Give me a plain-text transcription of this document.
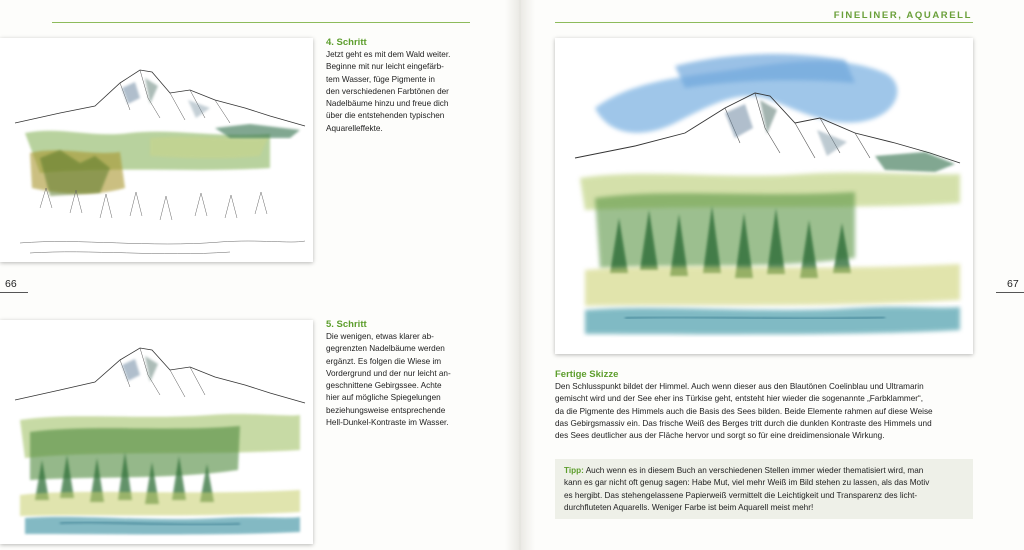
FINELINER, AQUARELL
66	67
4. Schritt
Jetzt geht es mit dem Wald weiter.
Beginne mit nur leicht eingefärb-
tem Wasser, füge Pigmente in
den verschiedenen Farbtönen der
Nadelbäume hinzu und freue dich
über die entstehenden typischen
Aquarelleffekte.
5. Schritt
Die wenigen, etwas klarer ab-
gegrenzten Nadelbäume werden
ergänzt. Es folgen die Wiese im
Vordergrund und der nur leicht an-
geschnittene Gebirgssee. Achte
hier auf mögliche Spiegelungen
beziehungsweise entsprechende
Hell-Dunkel-Kontraste im Wasser.
Fertige Skizze
Den Schlusspunkt bildet der Himmel. Auch wenn dieser aus den Blautönen Coelinblau und Ultramarin
gemischt wird und der See eher ins Türkise geht, entsteht hier wieder die sogenannte „Farbklammer“,
da die Pigmente des Himmels auch die Basis des Sees bilden. Beide Elemente rahmen auf diese Weise
das Gebirgsmassiv ein. Das frische Weiß des Berges tritt durch die dunklen Kontraste des Himmels und
des Sees deutlicher aus der Fläche hervor und sorgt so für eine dreidimensionale Wirkung.
Tipp: Auch wenn es in diesem Buch an verschiedenen Stellen immer wieder thematisiert wird, man
kann es gar nicht oft genug sagen: Habe Mut, viel mehr Weiß im Bild stehen zu lassen, als das Motiv
es hergibt. Das stehengelassene Papierweiß vermittelt die Leichtigkeit und Transparenz des licht-
durchfluteten Aquarells. Weniger Farbe ist beim Aquarell meist mehr!
